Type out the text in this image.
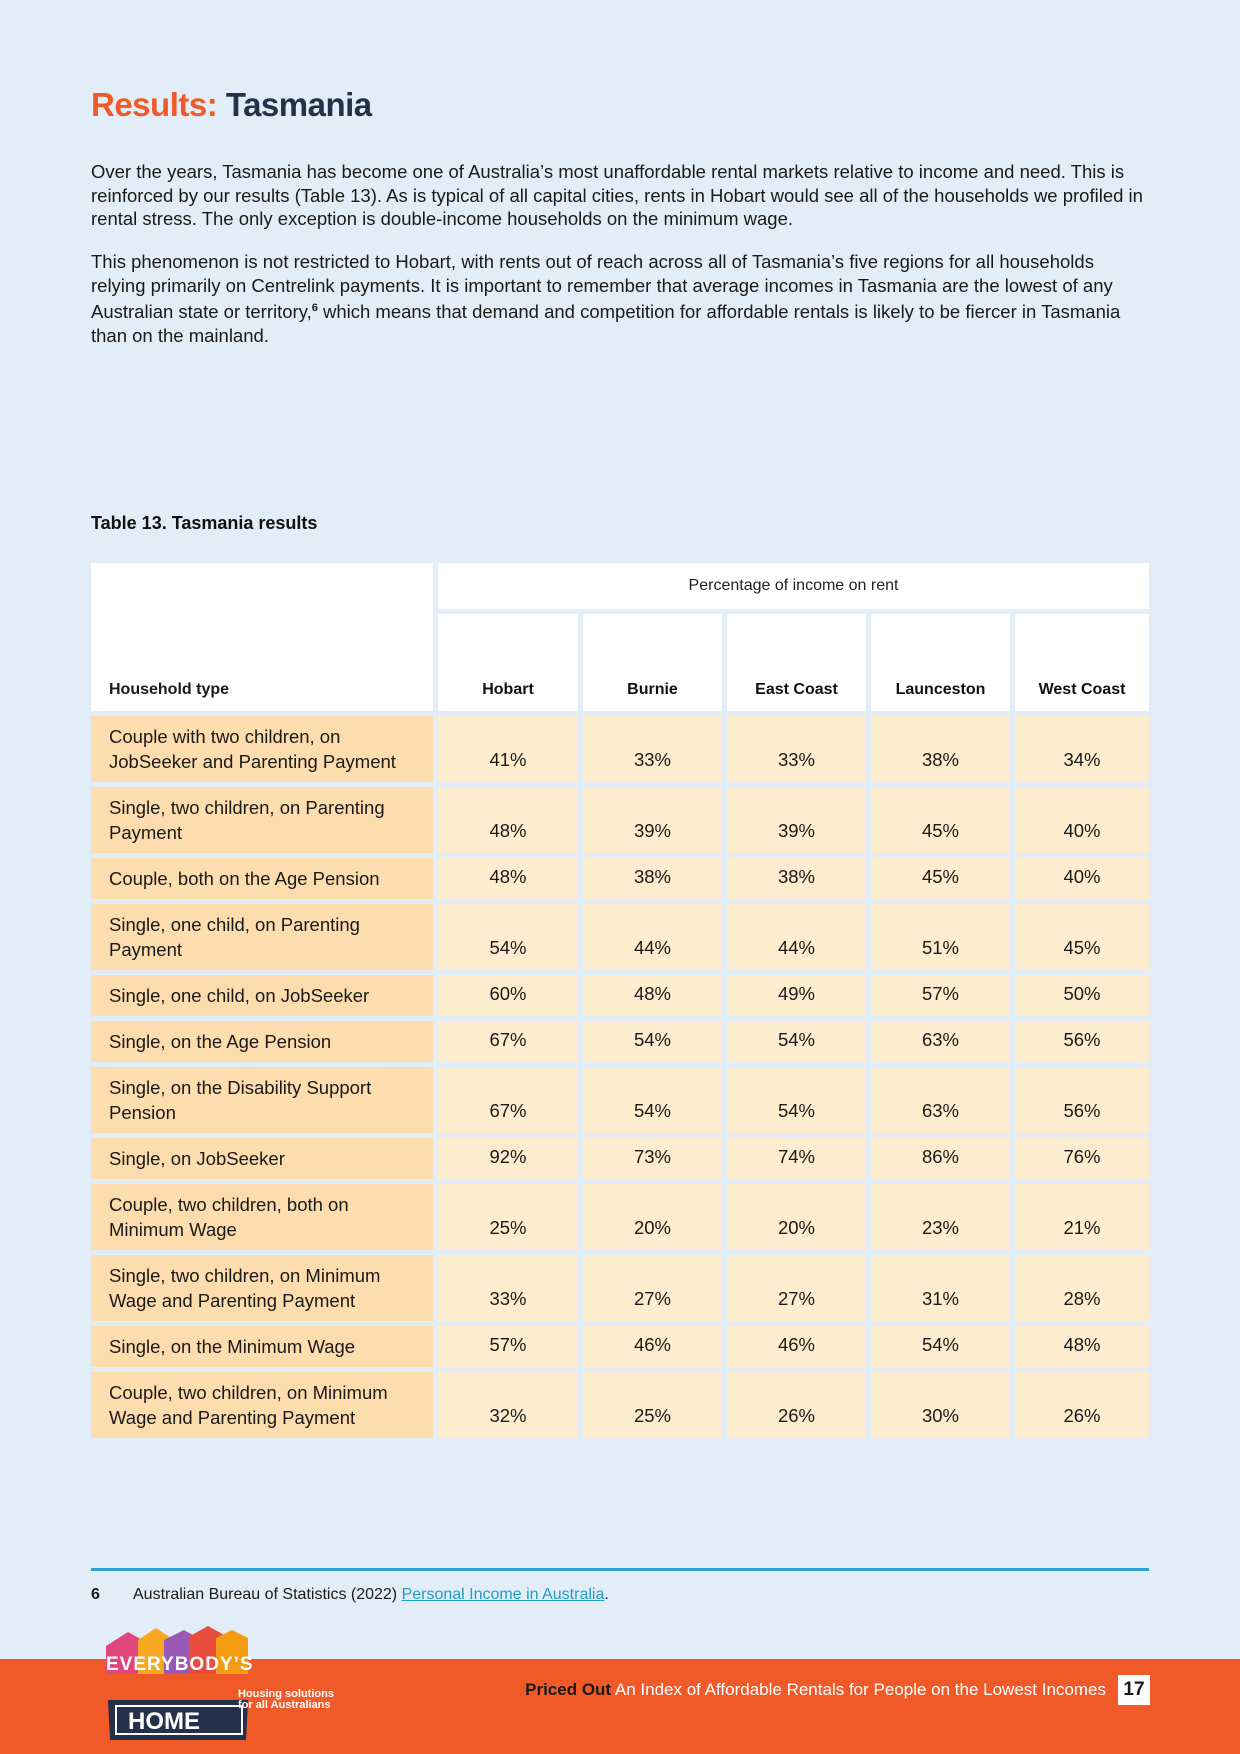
Results: Tasmania

Over the years, Tasmania has become one of Australia’s most unaffordable rental markets relative to income and need. This is reinforced by our results (Table 13). As is typical of all capital cities, rents in Hobart would see all of the households we profiled in rental stress. The only exception is double-income households on the minimum wage.

This phenomenon is not restricted to Hobart, with rents out of reach across all of Tasmania’s five regions for all households relying primarily on Centrelink payments. It is important to remember that average incomes in Tasmania are the lowest of any Australian state or territory,$^6$ which means that demand and competition for affordable rentals is likely to be fiercer in Tasmania than on the mainland.

Table 13. Tasmania results

Household type	Percentage of income on rent				
	Hobart	Burnie	East Coast	Launceston	West Coast
Couple with two children, on JobSeeker and Parenting Payment	41%	33%	33%	38%	34%
Single, two children, on Parenting Payment	48%	39%	39%	45%	40%
Couple, both on the Age Pension	48%	38%	38%	45%	40%
Single, one child, on Parenting Payment	54%	44%	44%	51%	45%
Single, one child, on JobSeeker	60%	48%	49%	57%	50%
Single, on the Age Pension	67%	54%	54%	63%	56%
Single, on the Disability Support Pension	67%	54%	54%	63%	56%
Single, on JobSeeker	92%	73%	74%	86%	76%
Couple, two children, both on Minimum Wage	25%	20%	20%	23%	21%
Single, two children, on Minimum Wage and Parenting Payment	33%	27%	27%	31%	28%
Single, on the Minimum Wage	57%	46%	46%	54%	48%
Couple, two children, on Minimum Wage and Parenting Payment	32%	25%	26%	30%	26%
6 Australian Bureau of Statistics (2022) Personal Income in Australia.
EVERYBODY’S
HOME
Housing solutions
for all Australians
Priced Out An Index of Affordable Rentals for People on the Lowest Incomes 17
